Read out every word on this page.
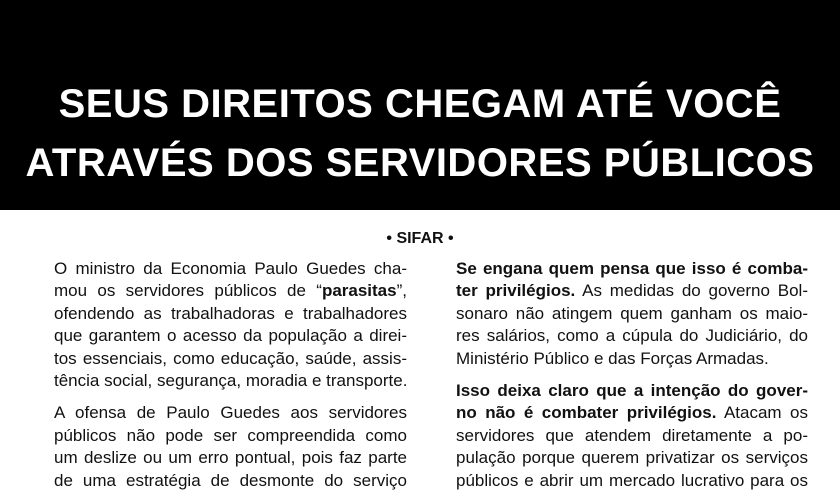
SEUS DIREITOS CHEGAM ATÉ VOCÊ
ATRAVÉS DOS SERVIDORES PÚBLICOS
• SIFAR •

O ministro da Economia Paulo Guedes cha-
mou os servidores públicos de “parasitas”,
ofendendo as trabalhadoras e trabalhadores
que garantem o acesso da população a direi-
tos essenciais, como educação, saúde, assis-
tência social, segurança, moradia e transporte.

A ofensa de Paulo Guedes aos servidores
públicos não pode ser compreendida como
um deslize ou um erro pontual, pois faz parte
de uma estratégia de desmonte do serviço

Se engana quem pensa que isso é comba-
ter privilégios. As medidas do governo Bol-
sonaro não atingem quem ganham os maio-
res salários, como a cúpula do Judiciário, do
Ministério Público e das Forças Armadas.

Isso deixa claro que a intenção do gover-
no não é combater privilégios. Atacam os
servidores que atendem diretamente a po-
pulação porque querem privatizar os serviços
públicos e abrir um mercado lucrativo para os
